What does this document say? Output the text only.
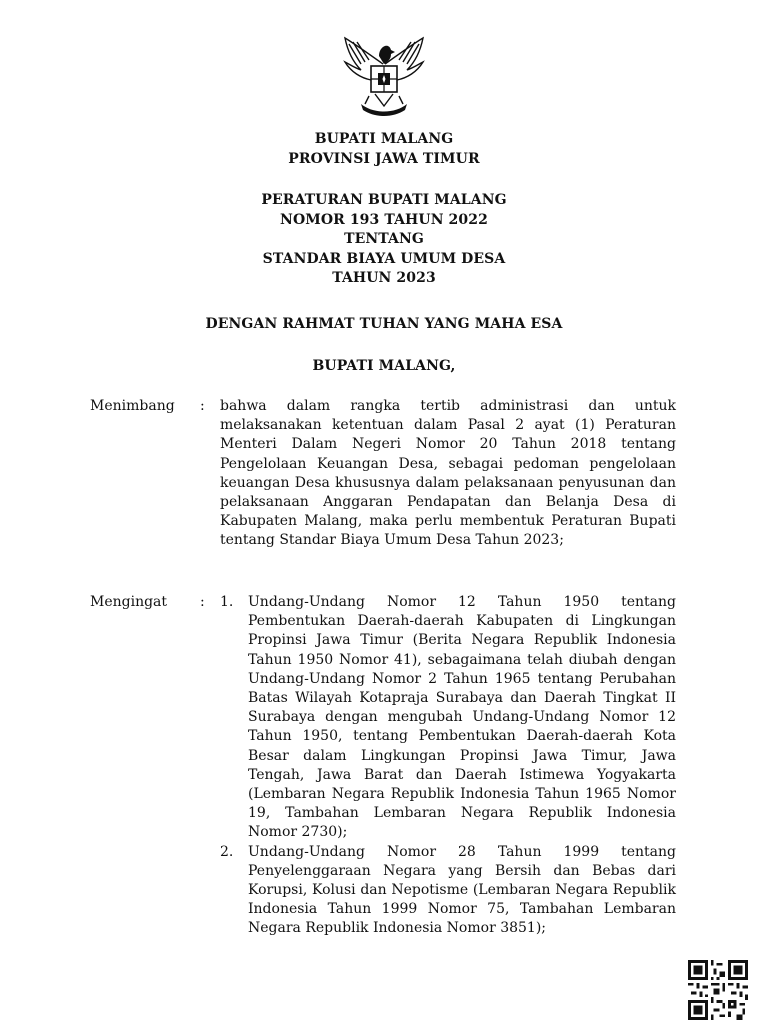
BUPATI MALANG
PROVINSI JAWA TIMUR
PERATURAN BUPATI MALANG
NOMOR 193 TAHUN 2022
TENTANG
STANDAR BIAYA UMUM DESA
TAHUN 2023
DENGAN RAHMAT TUHAN YANG MAHA ESA
BUPATI MALANG,
Menimbang	:	bahwa dalam rangka tertib administrasi dan untuk melaksanakan ketentuan dalam Pasal 2 ayat (1) Peraturan Menteri Dalam Negeri Nomor 20 Tahun 2018 tentang Pengelolaan Keuangan Desa, sebagai pedoman pengelolaan keuangan Desa khususnya dalam pelaksanaan penyusunan dan pelaksanaan Anggaran Pendapatan dan Belanja Desa di Kabupaten Malang, maka perlu membentuk Peraturan Bupati tentang Standar Biaya Umum Desa Tahun 2023;
Mengingat	:	1.	Undang-Undang Nomor 12 Tahun 1950 tentang Pembentukan Daerah-daerah Kabupaten di Lingkungan Propinsi Jawa Timur (Berita Negara Republik Indonesia Tahun 1950 Nomor 41), sebagaimana telah diubah dengan Undang-Undang Nomor 2 Tahun 1965 tentang Perubahan Batas Wilayah Kotapraja Surabaya dan Daerah Tingkat II Surabaya dengan mengubah Undang-Undang Nomor 12 Tahun 1950, tentang Pembentukan Daerah-daerah Kota Besar dalam Lingkungan Propinsi Jawa Timur, Jawa Tengah, Jawa Barat dan Daerah Istimewa Yogyakarta (Lembaran Negara Republik Indonesia Tahun 1965 Nomor 19, Tambahan Lembaran Negara Republik Indonesia Nomor 2730);
2.	Undang-Undang Nomor 28 Tahun 1999 tentang Penyelenggaraan Negara yang Bersih dan Bebas dari Korupsi, Kolusi dan Nepotisme (Lembaran Negara Republik Indonesia Tahun 1999 Nomor 75, Tambahan Lembaran Negara Republik Indonesia Nomor 3851);
